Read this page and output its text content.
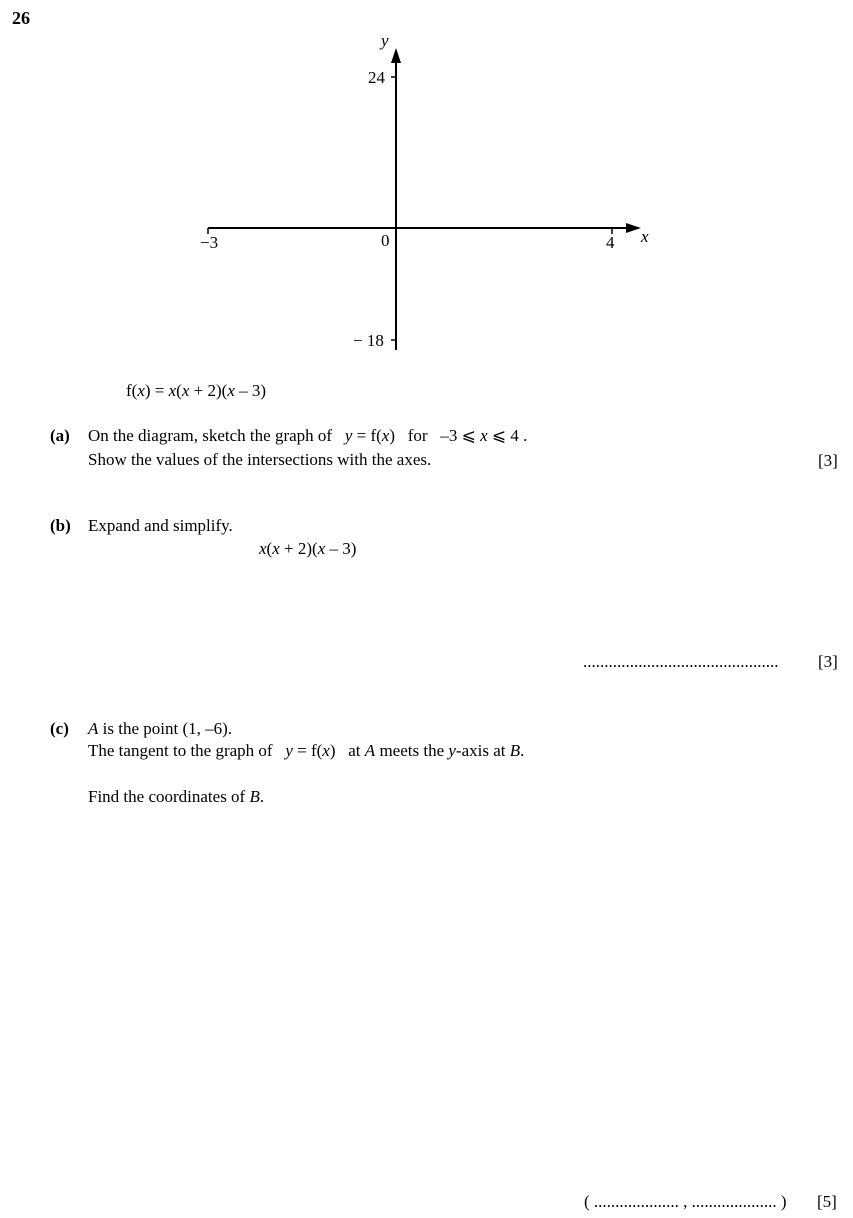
26
y
24
− 18
0
−3	4 x
f(x) = x(x + 2)(x – 3)
(a) On the diagram, sketch the graph of y = f(x) for –3 ⩽ x ⩽ 4 .
Show the values of the intersections with the axes.	[3]
(b) Expand and simplify.
x(x + 2)(x – 3)
.............................................. [3]
(c) A is the point (1, –6).
The tangent to the graph of y = f(x) at A meets the y-axis at B.
Find the coordinates of B.
( .................... , .................... ) [5]
